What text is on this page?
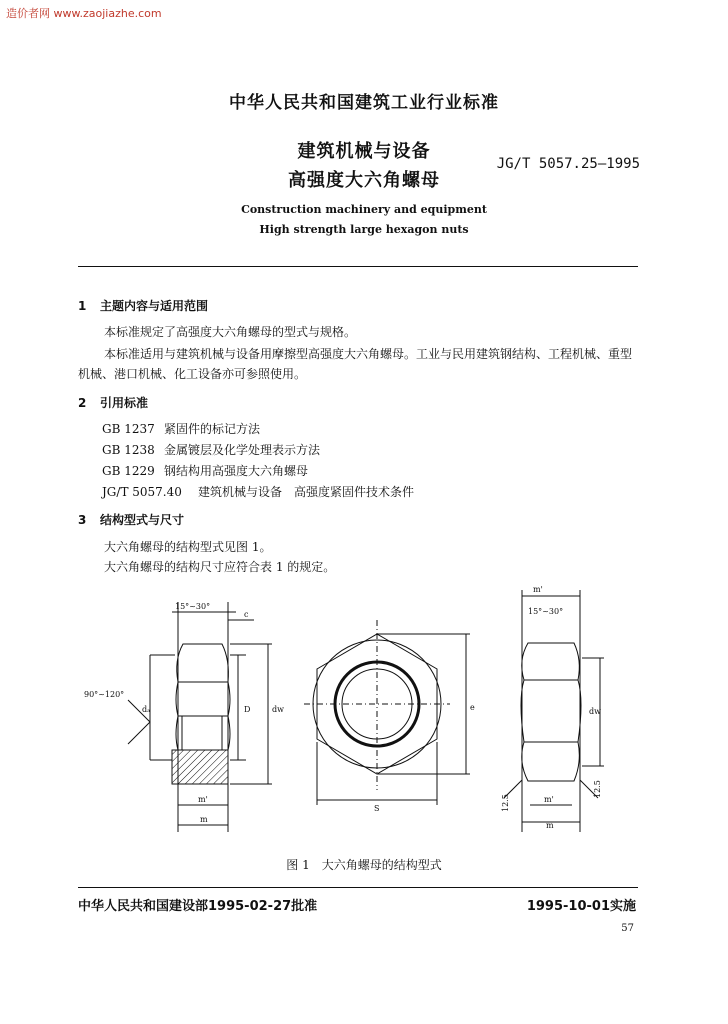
造价者网 www.zaojiazhe.com
中华人民共和国建筑工业行业标准
建筑机械与设备
高强度大六角螺母
JG/T 5057.25—1995
Construction machinery and equipment
High strength large hexagon nuts
1 主题内容与适用范围
本标准规定了高强度大六角螺母的型式与规格。
本标准适用与建筑机械与设备用摩擦型高强度大六角螺母。工业与民用建筑钢结构、工程机械、重型机械、港口机械、化工设备亦可参照使用。
2 引用标准
GB 1237 紧固件的标记方法
GB 1238 金属镀层及化学处理表示方法
GB 1229 钢结构用高强度大六角螺母
JG/T 5057.40 建筑机械与设备　高强度紧固件技术条件
3 结构型式与尺寸
大六角螺母的结构型式见图 1。
大六角螺母的结构尺寸应符合表 1 的规定。
15°~30°
c
90°~120°
dₐ	D	dw
m'
m
e
S
m'
15°~30°
dw
12.5
12.5
m'
m
图 1　大六角螺母的结构型式
中华人民共和国建设部1995-02-27批准	1995-10-01实施
57
